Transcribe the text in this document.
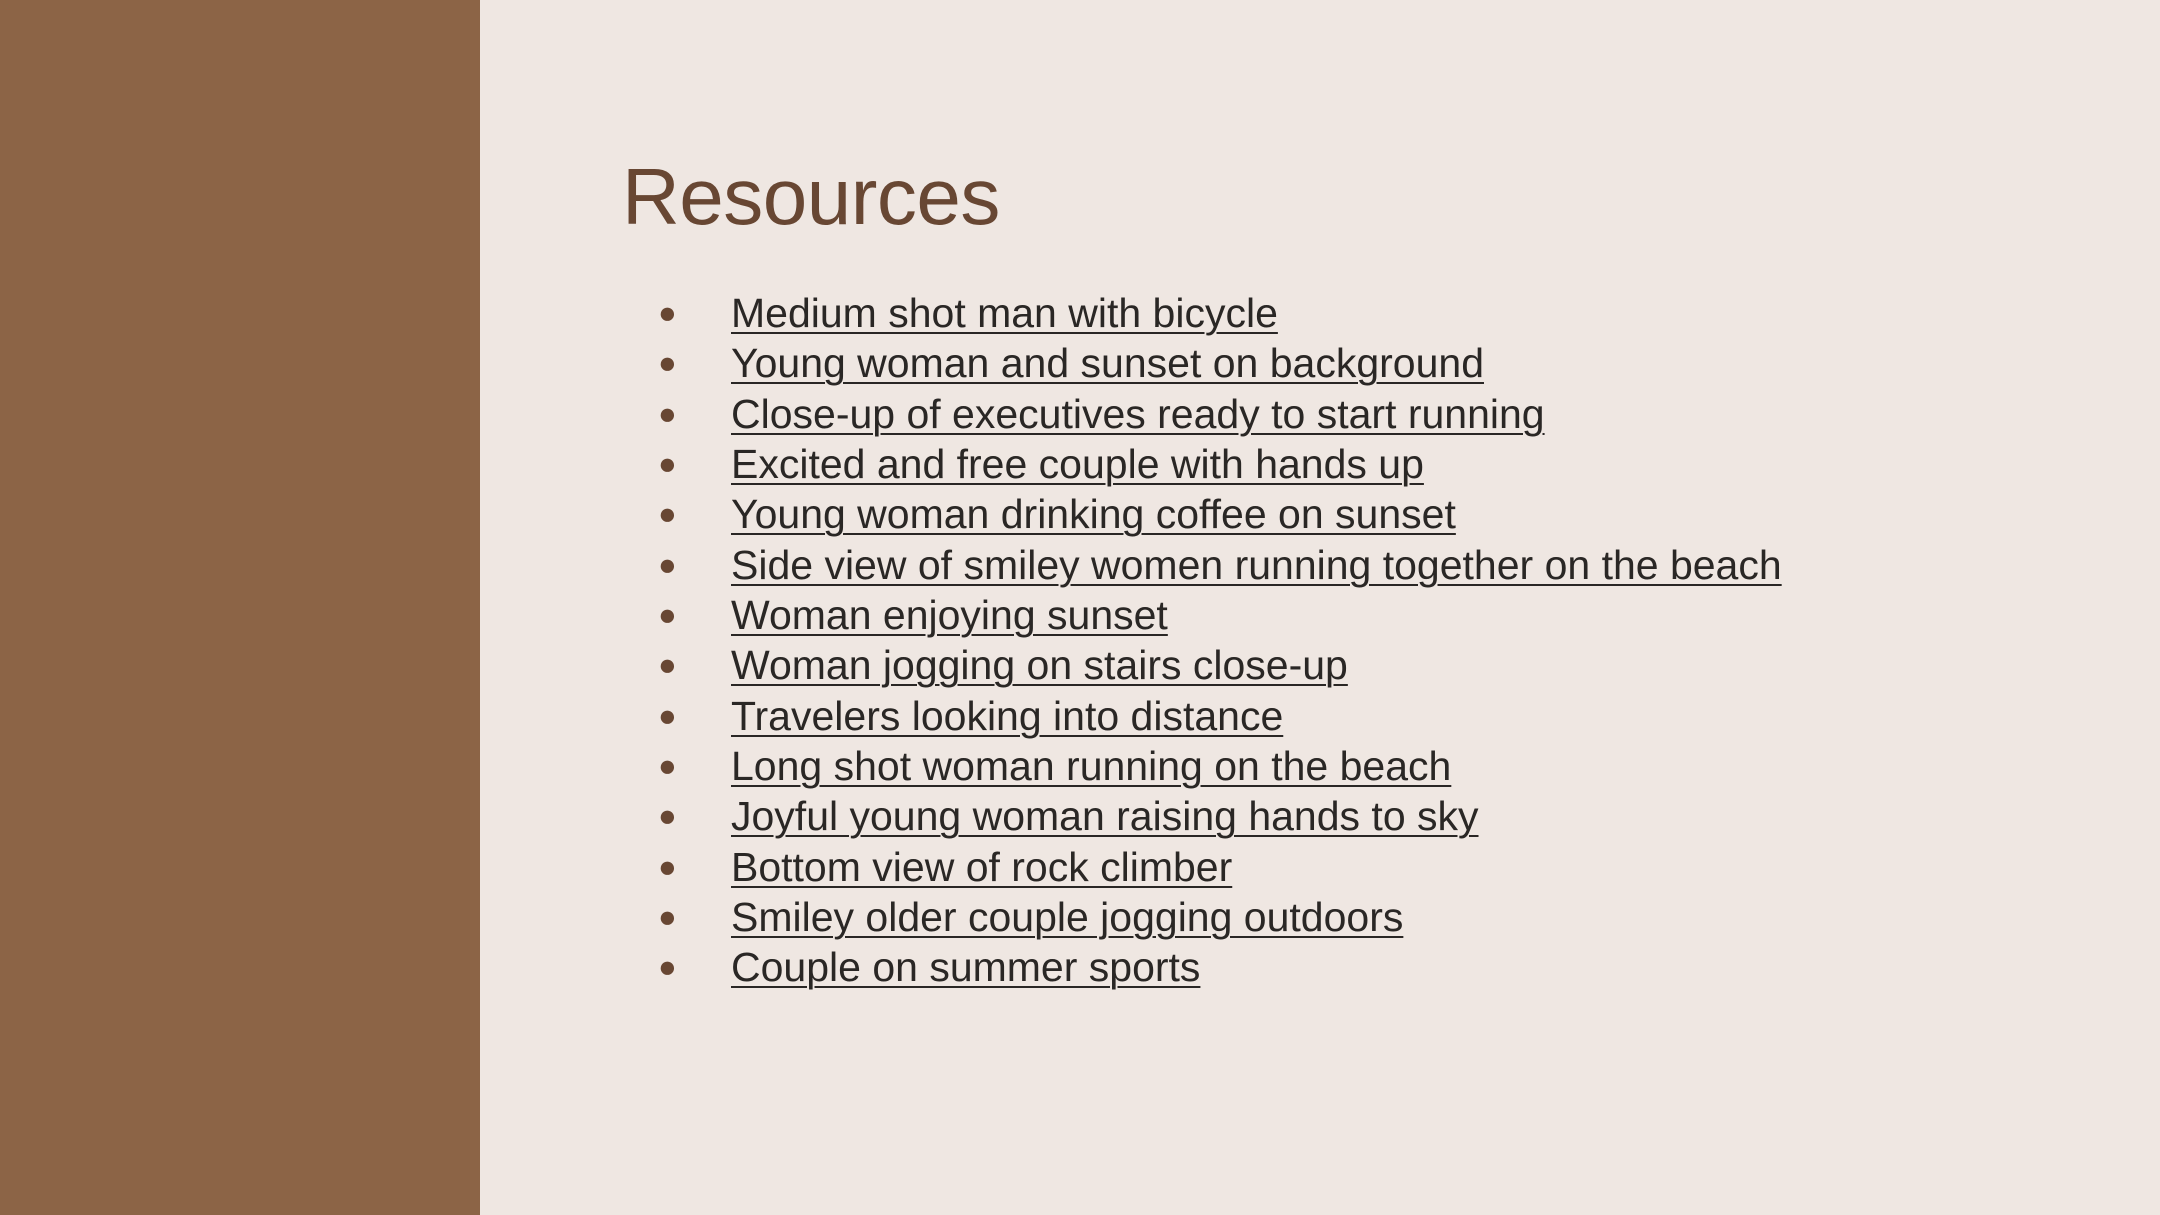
Resources
● Medium shot man with bicycle
● Young woman and sunset on background
● Close-up of executives ready to start running
● Excited and free couple with hands up
● Young woman drinking coffee on sunset
● Side view of smiley women running together on the beach
● Woman enjoying sunset
● Woman jogging on stairs close-up
● Travelers looking into distance
● Long shot woman running on the beach
● Joyful young woman raising hands to sky
● Bottom view of rock climber
● Smiley older couple jogging outdoors
● Couple on summer sports
